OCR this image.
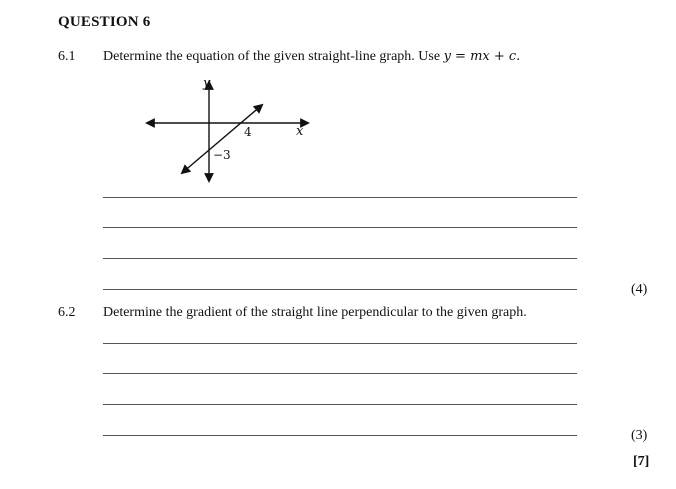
QUESTION 6
6.1 Determine the equation of the given straight-line graph. Use y = mx + c.
y
x
4
−3
(4)
6.2 Determine the gradient of the straight line perpendicular to the given graph.
(3)
[7]
